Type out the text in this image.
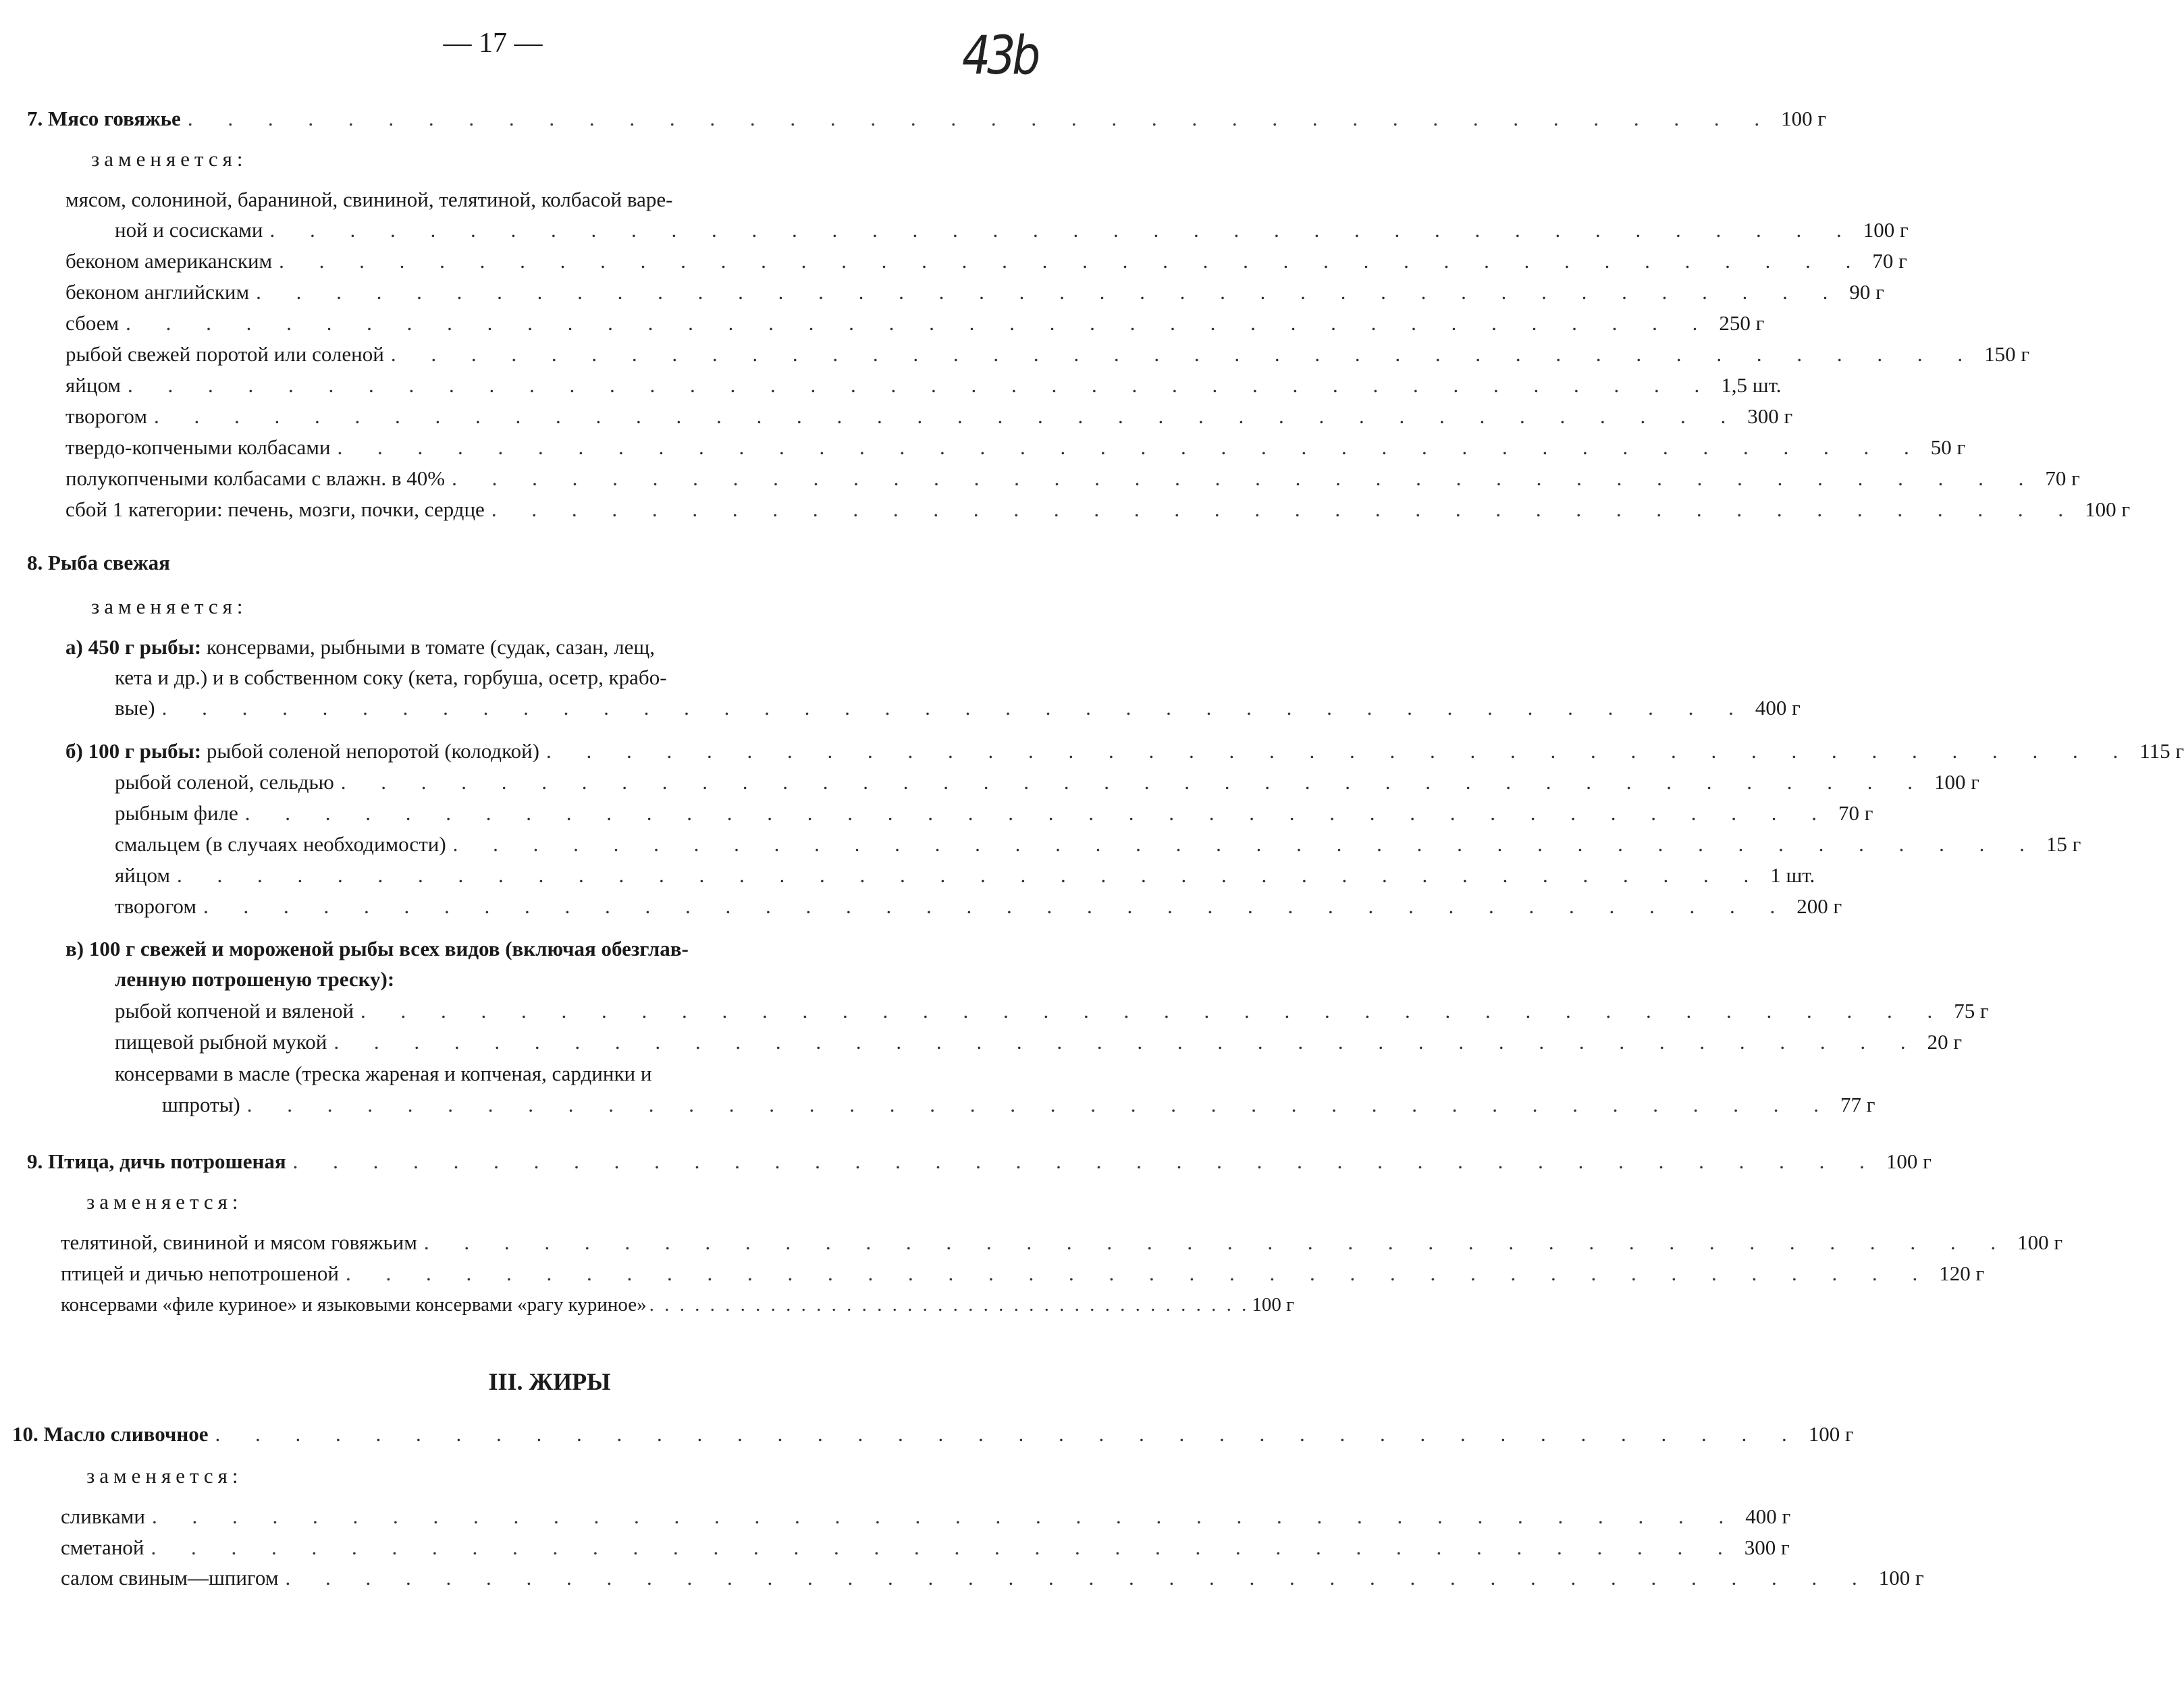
— 17 —	43b
7. Мясо говяжье . . . . . . . . . . . . . . . . . . . . . . . . . . . . . . . . . . . . . . . . 100 г
заменяется:
мясом, солониной, бараниной, свининой, телятиной, колбасой варе-
ной и сосисками . . . . . . . . . . . . . . . . . . . . . . . . . . . . . . . . . . . . . . . . 100 г
беконом американским . . . . . . . . . . . . . . . . . . . . . . . . . . . . . . . . . . . . . . . . 70 г
беконом английским . . . . . . . . . . . . . . . . . . . . . . . . . . . . . . . . . . . . . . . . 90 г
сбоем . . . . . . . . . . . . . . . . . . . . . . . . . . . . . . . . . . . . . . . . 250 г
рыбой свежей поротой или соленой . . . . . . . . . . . . . . . . . . . . . . . . . . . . . . . . . . . . . . . . 150 г
яйцом . . . . . . . . . . . . . . . . . . . . . . . . . . . . . . . . . . . . . . . . 1,5 шт.
творогом . . . . . . . . . . . . . . . . . . . . . . . . . . . . . . . . . . . . . . . . 300 г
твердо-копчеными колбасами . . . . . . . . . . . . . . . . . . . . . . . . . . . . . . . . . . . . . . . . 50 г
полукопчеными колбасами с влажн. в 40% . . . . . . . . . . . . . . . . . . . . . . . . . . . . . . . . . . . . . . . . 70 г
сбой 1 категории: печень, мозги, почки, сердце . . . . . . . . . . . . . . . . . . . . . . . . . . . . . . . . . . . . . . . . 100 г
8. Рыба свежая
заменяется:
а) 450 г рыбы: консервами, рыбными в томате (судак, сазан, лещ,
кета и др.) и в собственном соку (кета, горбуша, осетр, крабо-
вые) . . . . . . . . . . . . . . . . . . . . . . . . . . . . . . . . . . . . . . . . 400 г
б) 100 г рыбы: рыбой соленой непоротой (колодкой) . . . . . . . . . . . . . . . . . . . . . . . . . . . . . . . . . . . . . . . . 115 г
рыбой соленой, сельдью . . . . . . . . . . . . . . . . . . . . . . . . . . . . . . . . . . . . . . . . 100 г
рыбным филе . . . . . . . . . . . . . . . . . . . . . . . . . . . . . . . . . . . . . . . . 70 г
смальцем (в случаях необходимости) . . . . . . . . . . . . . . . . . . . . . . . . . . . . . . . . . . . . . . . . 15 г
яйцом . . . . . . . . . . . . . . . . . . . . . . . . . . . . . . . . . . . . . . . . 1 шт.
творогом . . . . . . . . . . . . . . . . . . . . . . . . . . . . . . . . . . . . . . . . 200 г
в) 100 г свежей и мороженой рыбы всех видов (включая обезглав-
ленную потрошеную треску):
рыбой копченой и вяленой . . . . . . . . . . . . . . . . . . . . . . . . . . . . . . . . . . . . . . . . 75 г
пищевой рыбной мукой . . . . . . . . . . . . . . . . . . . . . . . . . . . . . . . . . . . . . . . . 20 г
консервами в масле (треска жареная и копченая, сардинки и
шпроты) . . . . . . . . . . . . . . . . . . . . . . . . . . . . . . . . . . . . . . . . 77 г
9. Птица, дичь потрошеная . . . . . . . . . . . . . . . . . . . . . . . . . . . . . . . . . . . . . . . . 100 г
заменяется:
телятиной, свининой и мясом говяжьим . . . . . . . . . . . . . . . . . . . . . . . . . . . . . . . . . . . . . . . . 100 г
птицей и дичью непотрошеной . . . . . . . . . . . . . . . . . . . . . . . . . . . . . . . . . . . . . . . . 120 г
консервами «филе куриное» и языковыми консервами «рагу куриное» . . . . . . . . . . . . . . . . . . . . . . . . . . . . . . . . . . . . . . . . 100 г
III. ЖИРЫ
10. Масло сливочное . . . . . . . . . . . . . . . . . . . . . . . . . . . . . . . . . . . . . . . . 100 г
заменяется:
сливками . . . . . . . . . . . . . . . . . . . . . . . . . . . . . . . . . . . . . . . . 400 г
сметаной . . . . . . . . . . . . . . . . . . . . . . . . . . . . . . . . . . . . . . . . 300 г
салом свиным—шпигом . . . . . . . . . . . . . . . . . . . . . . . . . . . . . . . . . . . . . . . . 100 г
